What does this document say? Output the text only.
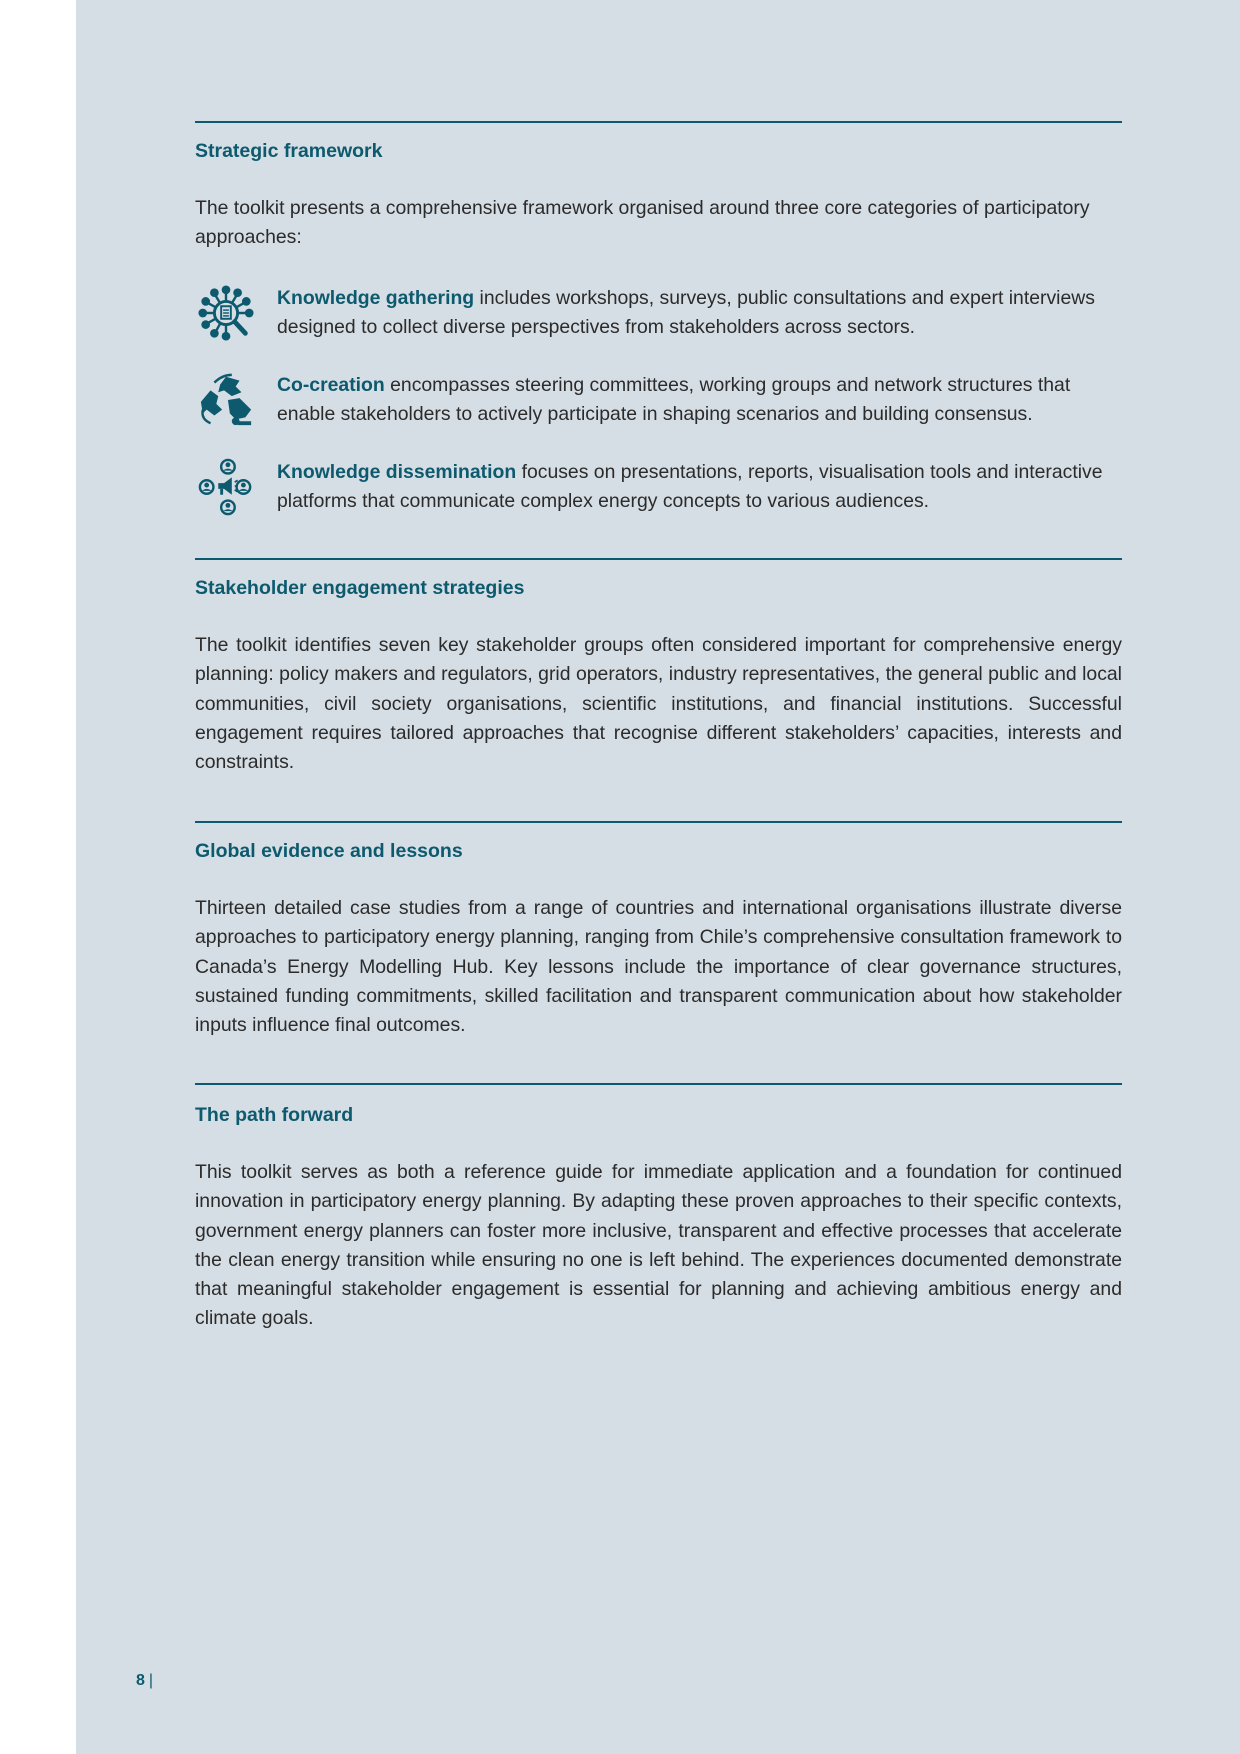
Strategic framework

The toolkit presents a comprehensive framework organised around three core categories of participatory approaches:

Knowledge gathering includes workshops, surveys, public consultations and expert interviews designed to collect diverse perspectives from stakeholders across sectors.

Co-creation encompasses steering committees, working groups and network structures that enable stakeholders to actively participate in shaping scenarios and building consensus.

Knowledge dissemination focuses on presentations, reports, visualisation tools and interactive platforms that communicate complex energy concepts to various audiences.

Stakeholder engagement strategies

The toolkit identifies seven key stakeholder groups often considered important for comprehensive energy planning: policy makers and regulators, grid operators, industry representatives, the general public and local communities, civil society organisations, scientific institutions, and financial institutions. Successful engagement requires tailored approaches that recognise different stakeholders’ capacities, interests and constraints.

Global evidence and lessons

Thirteen detailed case studies from a range of countries and international organisations illustrate diverse approaches to participatory energy planning, ranging from Chile’s comprehensive consultation framework to Canada’s Energy Modelling Hub. Key lessons include the importance of clear governance structures, sustained funding commitments, skilled facilitation and transparent communication about how stakeholder inputs influence final outcomes.

The path forward

This toolkit serves as both a reference guide for immediate application and a foundation for continued innovation in participatory energy planning. By adapting these proven approaches to their specific contexts, government energy planners can foster more inclusive, transparent and effective processes that accelerate the clean energy transition while ensuring no one is left behind. The experiences documented demonstrate that meaningful stakeholder engagement is essential for planning and achieving ambitious energy and climate goals.

8 |
